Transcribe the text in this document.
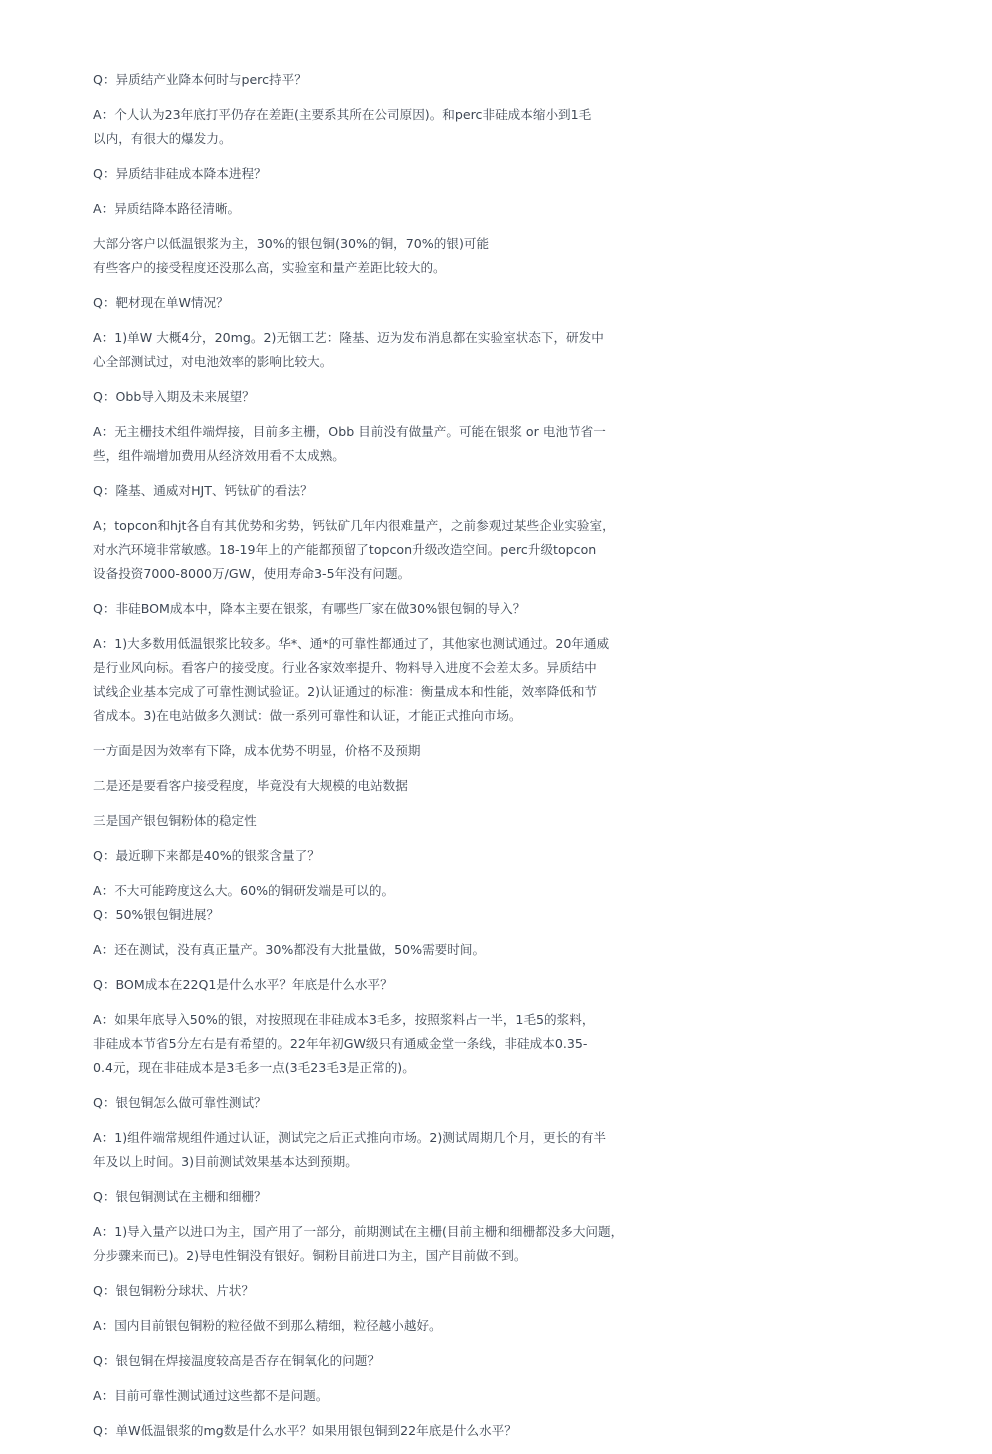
Q：异质结产业降本何时与perc持平？
A：个人认为23年底打平仍存在差距(主要系其所在公司原因)。和perc非硅成本缩小到1毛
以内，有很大的爆发力。
Q：异质结非硅成本降本进程？
A：异质结降本路径清晰。
大部分客户以低温银浆为主，30%的银包铜(30%的铜，70%的银)可能
有些客户的接受程度还没那么高，实验室和量产差距比较大的。
Q：靶材现在单W情况？
A：1)单W 大概4分，20mg。2)无铟工艺：隆基、迈为发布消息都在实验室状态下，研发中
心全部测试过，对电池效率的影响比较大。
Q：Obb导入期及未来展望？
A：无主栅技术组件端焊接，目前多主栅，Obb 目前没有做量产。可能在银浆 or 电池节省一
些，组件端增加费用从经济效用看不太成熟。
Q：隆基、通威对HJT、钙钛矿的看法？
A；topcon和hjt各自有其优势和劣势，钙钛矿几年内很难量产，之前参观过某些企业实验室，
对水汽环境非常敏感。18-19年上的产能都预留了topcon升级改造空间。perc升级topcon
设备投资7000-8000万/GW，使用寿命3-5年没有问题。
Q：非硅BOM成本中，降本主要在银浆，有哪些厂家在做30%银包铜的导入？
A：1)大多数用低温银浆比较多。华*、通*的可靠性都通过了，其他家也测试通过。20年通威
是行业风向标。看客户的接受度。行业各家效率提升、物料导入进度不会差太多。异质结中
试线企业基本完成了可靠性测试验证。2)认证通过的标准：衡量成本和性能，效率降低和节
省成本。3)在电站做多久测试：做一系列可靠性和认证，才能正式推向市场。
一方面是因为效率有下降，成本优势不明显，价格不及预期
二是还是要看客户接受程度，毕竟没有大规模的电站数据
三是国产银包铜粉体的稳定性
Q：最近聊下来都是40%的银浆含量了？
A：不大可能跨度这么大。60%的铜研发端是可以的。
Q：50%银包铜进展？
A：还在测试，没有真正量产。30%都没有大批量做，50%需要时间。
Q：BOM成本在22Q1是什么水平？年底是什么水平？
A：如果年底导入50%的银，对按照现在非硅成本3毛多，按照浆料占一半，1毛5的浆料，
非硅成本节省5分左右是有希望的。22年年初GW级只有通威金堂一条线，非硅成本0.35-
0.4元，现在非硅成本是3毛多一点(3毛23毛3是正常的)。
Q：银包铜怎么做可靠性测试？
A：1)组件端常规组件通过认证，测试完之后正式推向市场。2)测试周期几个月，更长的有半
年及以上时间。3)目前测试效果基本达到预期。
Q：银包铜测试在主栅和细栅？
A：1)导入量产以进口为主，国产用了一部分，前期测试在主栅(目前主栅和细栅都没多大问题，
分步骤来而已)。2)导电性铜没有银好。铜粉目前进口为主，国产目前做不到。
Q：银包铜粉分球状、片状？
A：国内目前银包铜粉的粒径做不到那么精细，粒径越小越好。
Q：银包铜在焊接温度较高是否存在铜氧化的问题？
A：目前可靠性测试通过这些都不是问题。
Q：单W低温银浆的mg数是什么水平？如果用银包铜到22年底是什么水平？
